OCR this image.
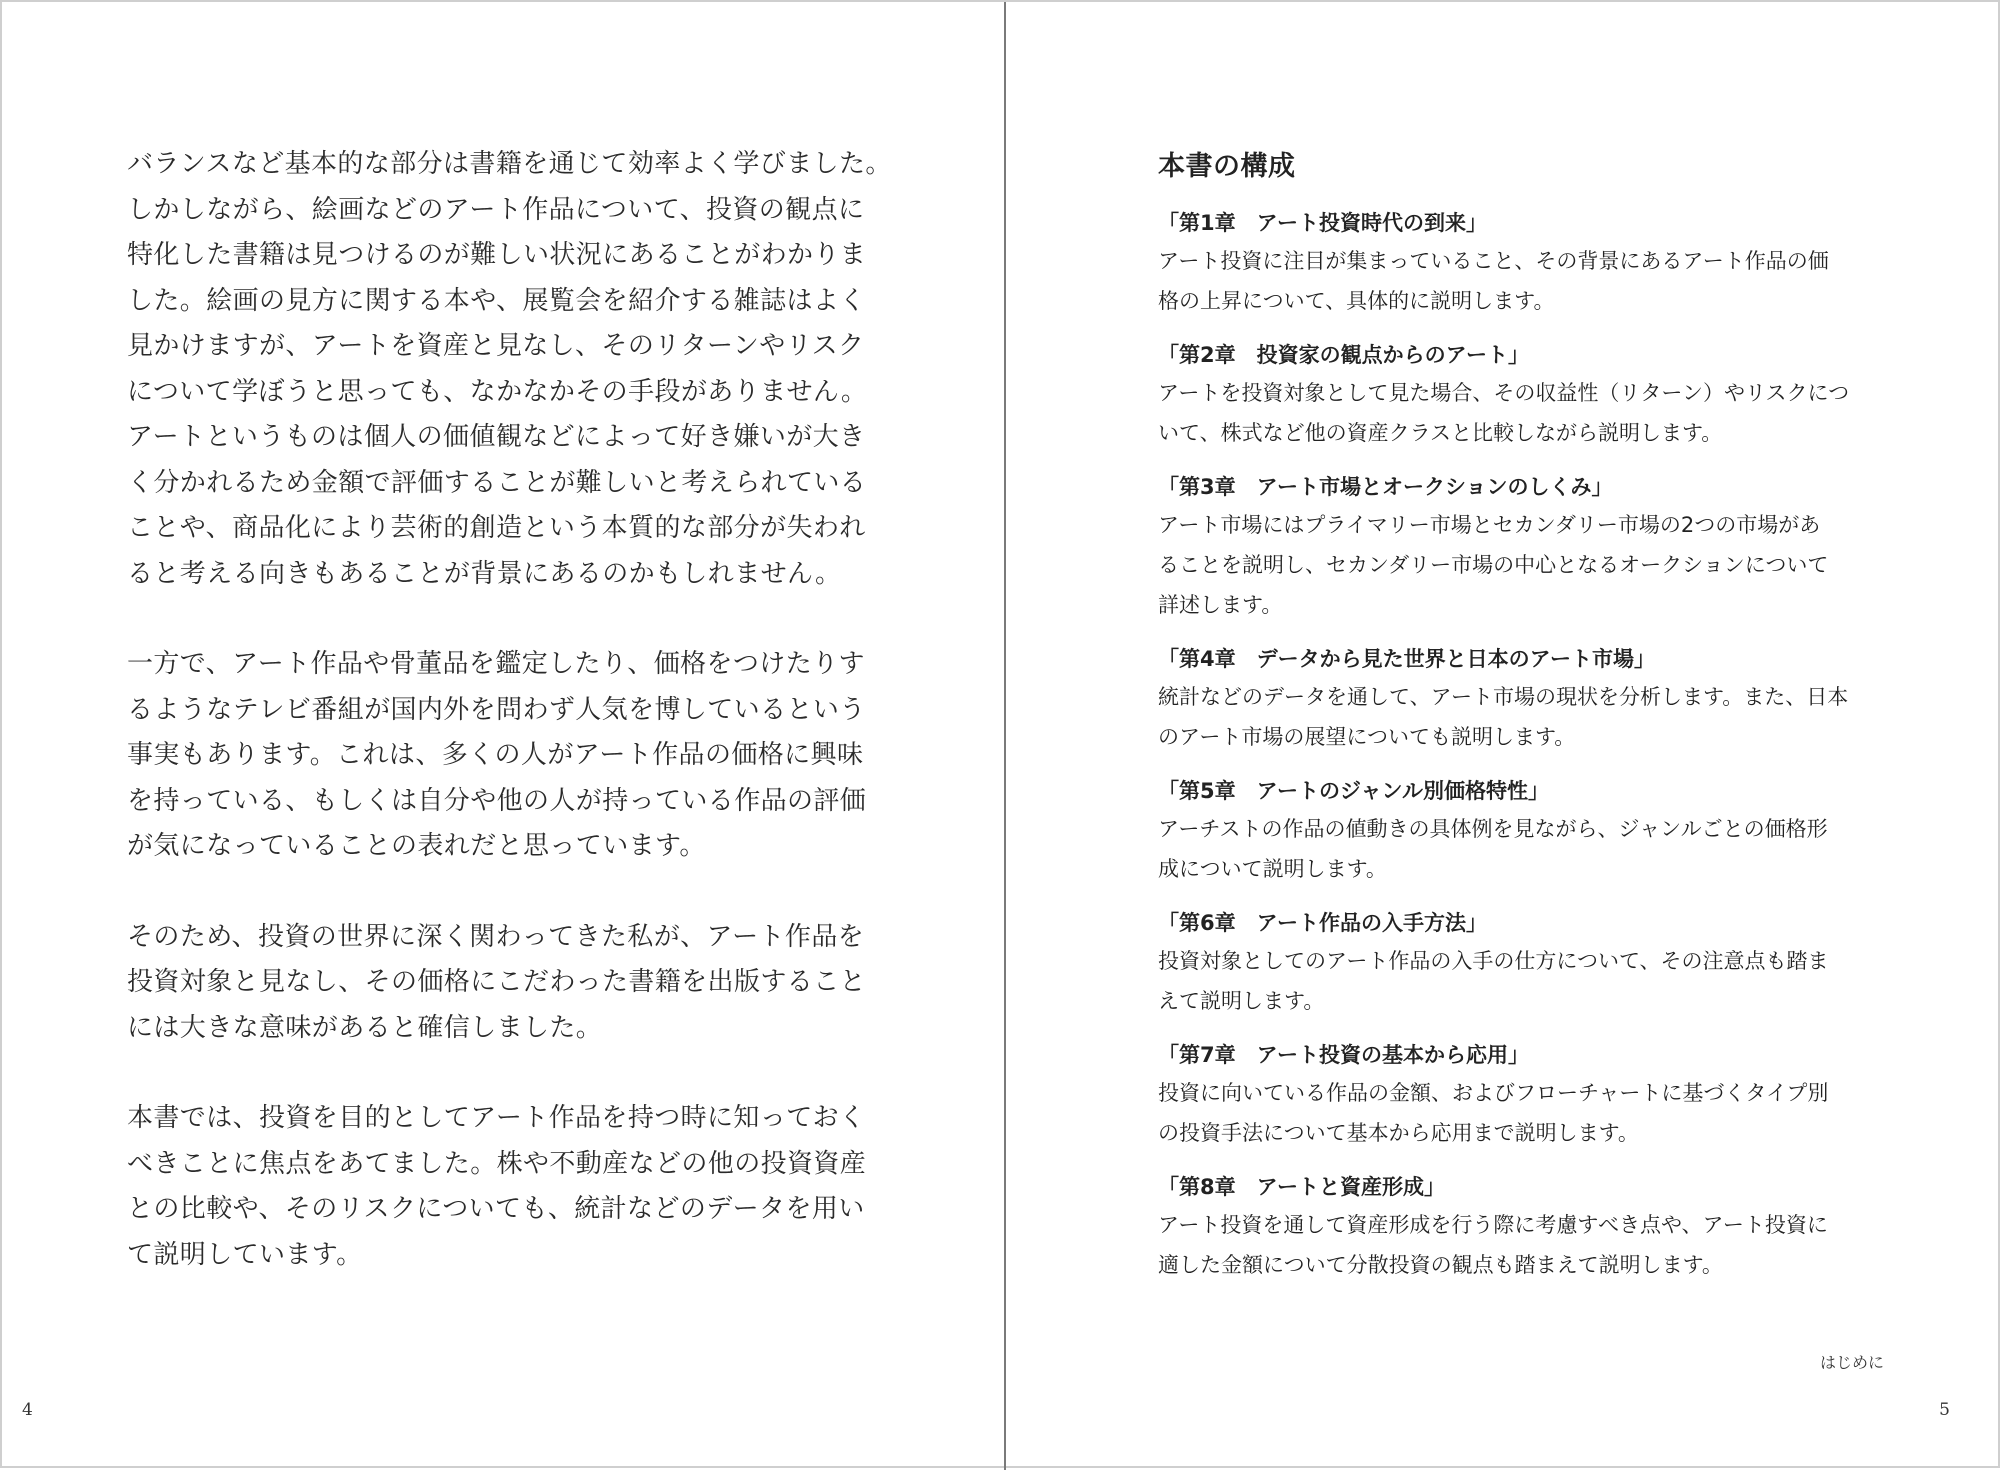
バランスなど基本的な部分は書籍を通じて効率よく学びました。
しかしながら、絵画などのアート作品について、投資の観点に
特化した書籍は見つけるのが難しい状況にあることがわかりま
した。絵画の見方に関する本や、展覧会を紹介する雑誌はよく
見かけますが、アートを資産と見なし、そのリターンやリスク
について学ぼうと思っても、なかなかその手段がありません。
アートというものは個人の価値観などによって好き嫌いが大き
く分かれるため金額で評価することが難しいと考えられている
ことや、商品化により芸術的創造という本質的な部分が失われ
ると考える向きもあることが背景にあるのかもしれません。

一方で、アート作品や骨董品を鑑定したり、価格をつけたりす
るようなテレビ番組が国内外を問わず人気を博しているという
事実もあります。これは、多くの人がアート作品の価格に興味
を持っている、もしくは自分や他の人が持っている作品の評価
が気になっていることの表れだと思っています。

そのため、投資の世界に深く関わってきた私が、アート作品を
投資対象と見なし、その価格にこだわった書籍を出版すること
には大きな意味があると確信しました。

本書では、投資を目的としてアート作品を持つ時に知っておく
べきことに焦点をあてました。株や不動産などの他の投資資産
との比較や、そのリスクについても、統計などのデータを用い
て説明しています。

4
本書の構成
「第1章　アート投資時代の到来」
アート投資に注目が集まっていること、その背景にあるアート作品の価
格の上昇について、具体的に説明します。
「第2章　投資家の観点からのアート」
アートを投資対象として見た場合、その収益性（リターン）やリスクにつ
いて、株式など他の資産クラスと比較しながら説明します。
「第3章　アート市場とオークションのしくみ」
アート市場にはプライマリー市場とセカンダリー市場の2つの市場があ
ることを説明し、セカンダリー市場の中心となるオークションについて
詳述します。
「第4章　データから見た世界と日本のアート市場」
統計などのデータを通して、アート市場の現状を分析します。また、日本
のアート市場の展望についても説明します。
「第5章　アートのジャンル別価格特性」
アーチストの作品の値動きの具体例を見ながら、ジャンルごとの価格形
成について説明します。
「第6章　アート作品の入手方法」
投資対象としてのアート作品の入手の仕方について、その注意点も踏ま
えて説明します。
「第7章　アート投資の基本から応用」
投資に向いている作品の金額、およびフローチャートに基づくタイプ別
の投資手法について基本から応用まで説明します。
「第8章　アートと資産形成」
アート投資を通して資産形成を行う際に考慮すべき点や、アート投資に
適した金額について分散投資の観点も踏まえて説明します。
はじめに
5
